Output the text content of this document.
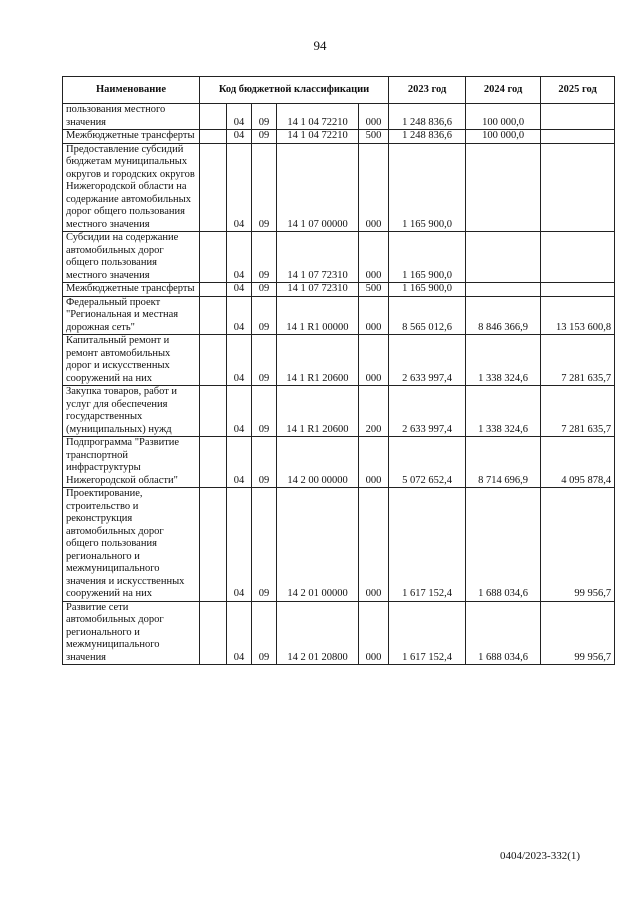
94
Наименование	Код бюджетной классификации					2023 год	2024 год	2025 год
пользования местного значения		04	09	14 1 04 72210	000	1 248 836,6	100 000,0	
Межбюджетные трансферты		04	09	14 1 04 72210	500	1 248 836,6	100 000,0	
Предоставление субсидий бюджетам муниципальных округов и городских округов Нижегородской области на содержание автомобильных дорог общего пользования местного значения		04	09	14 1 07 00000	000	1 165 900,0		
Субсидии на содержание автомобильных дорог общего пользования местного значения		04	09	14 1 07 72310	000	1 165 900,0		
Межбюджетные трансферты		04	09	14 1 07 72310	500	1 165 900,0		
Федеральный проект "Региональная и местная дорожная сеть"		04	09	14 1 R1 00000	000	8 565 012,6	8 846 366,9	13 153 600,8
Капитальный ремонт и ремонт автомобильных дорог и искусственных сооружений на них		04	09	14 1 R1 20600	000	2 633 997,4	1 338 324,6	7 281 635,7
Закупка товаров, работ и услуг для обеспечения государственных (муниципальных) нужд		04	09	14 1 R1 20600	200	2 633 997,4	1 338 324,6	7 281 635,7
Подпрограмма "Развитие транспортной инфраструктуры Нижегородской области"		04	09	14 2 00 00000	000	5 072 652,4	8 714 696,9	4 095 878,4
Проектирование, строительство и реконструкция автомобильных дорог общего пользования регионального и межмуниципального значения и искусственных сооружений на них		04	09	14 2 01 00000	000	1 617 152,4	1 688 034,6	99 956,7
Развитие сети автомобильных дорог регионального и межмуниципального значения		04	09	14 2 01 20800	000	1 617 152,4	1 688 034,6	99 956,7
0404/2023-332(1)
